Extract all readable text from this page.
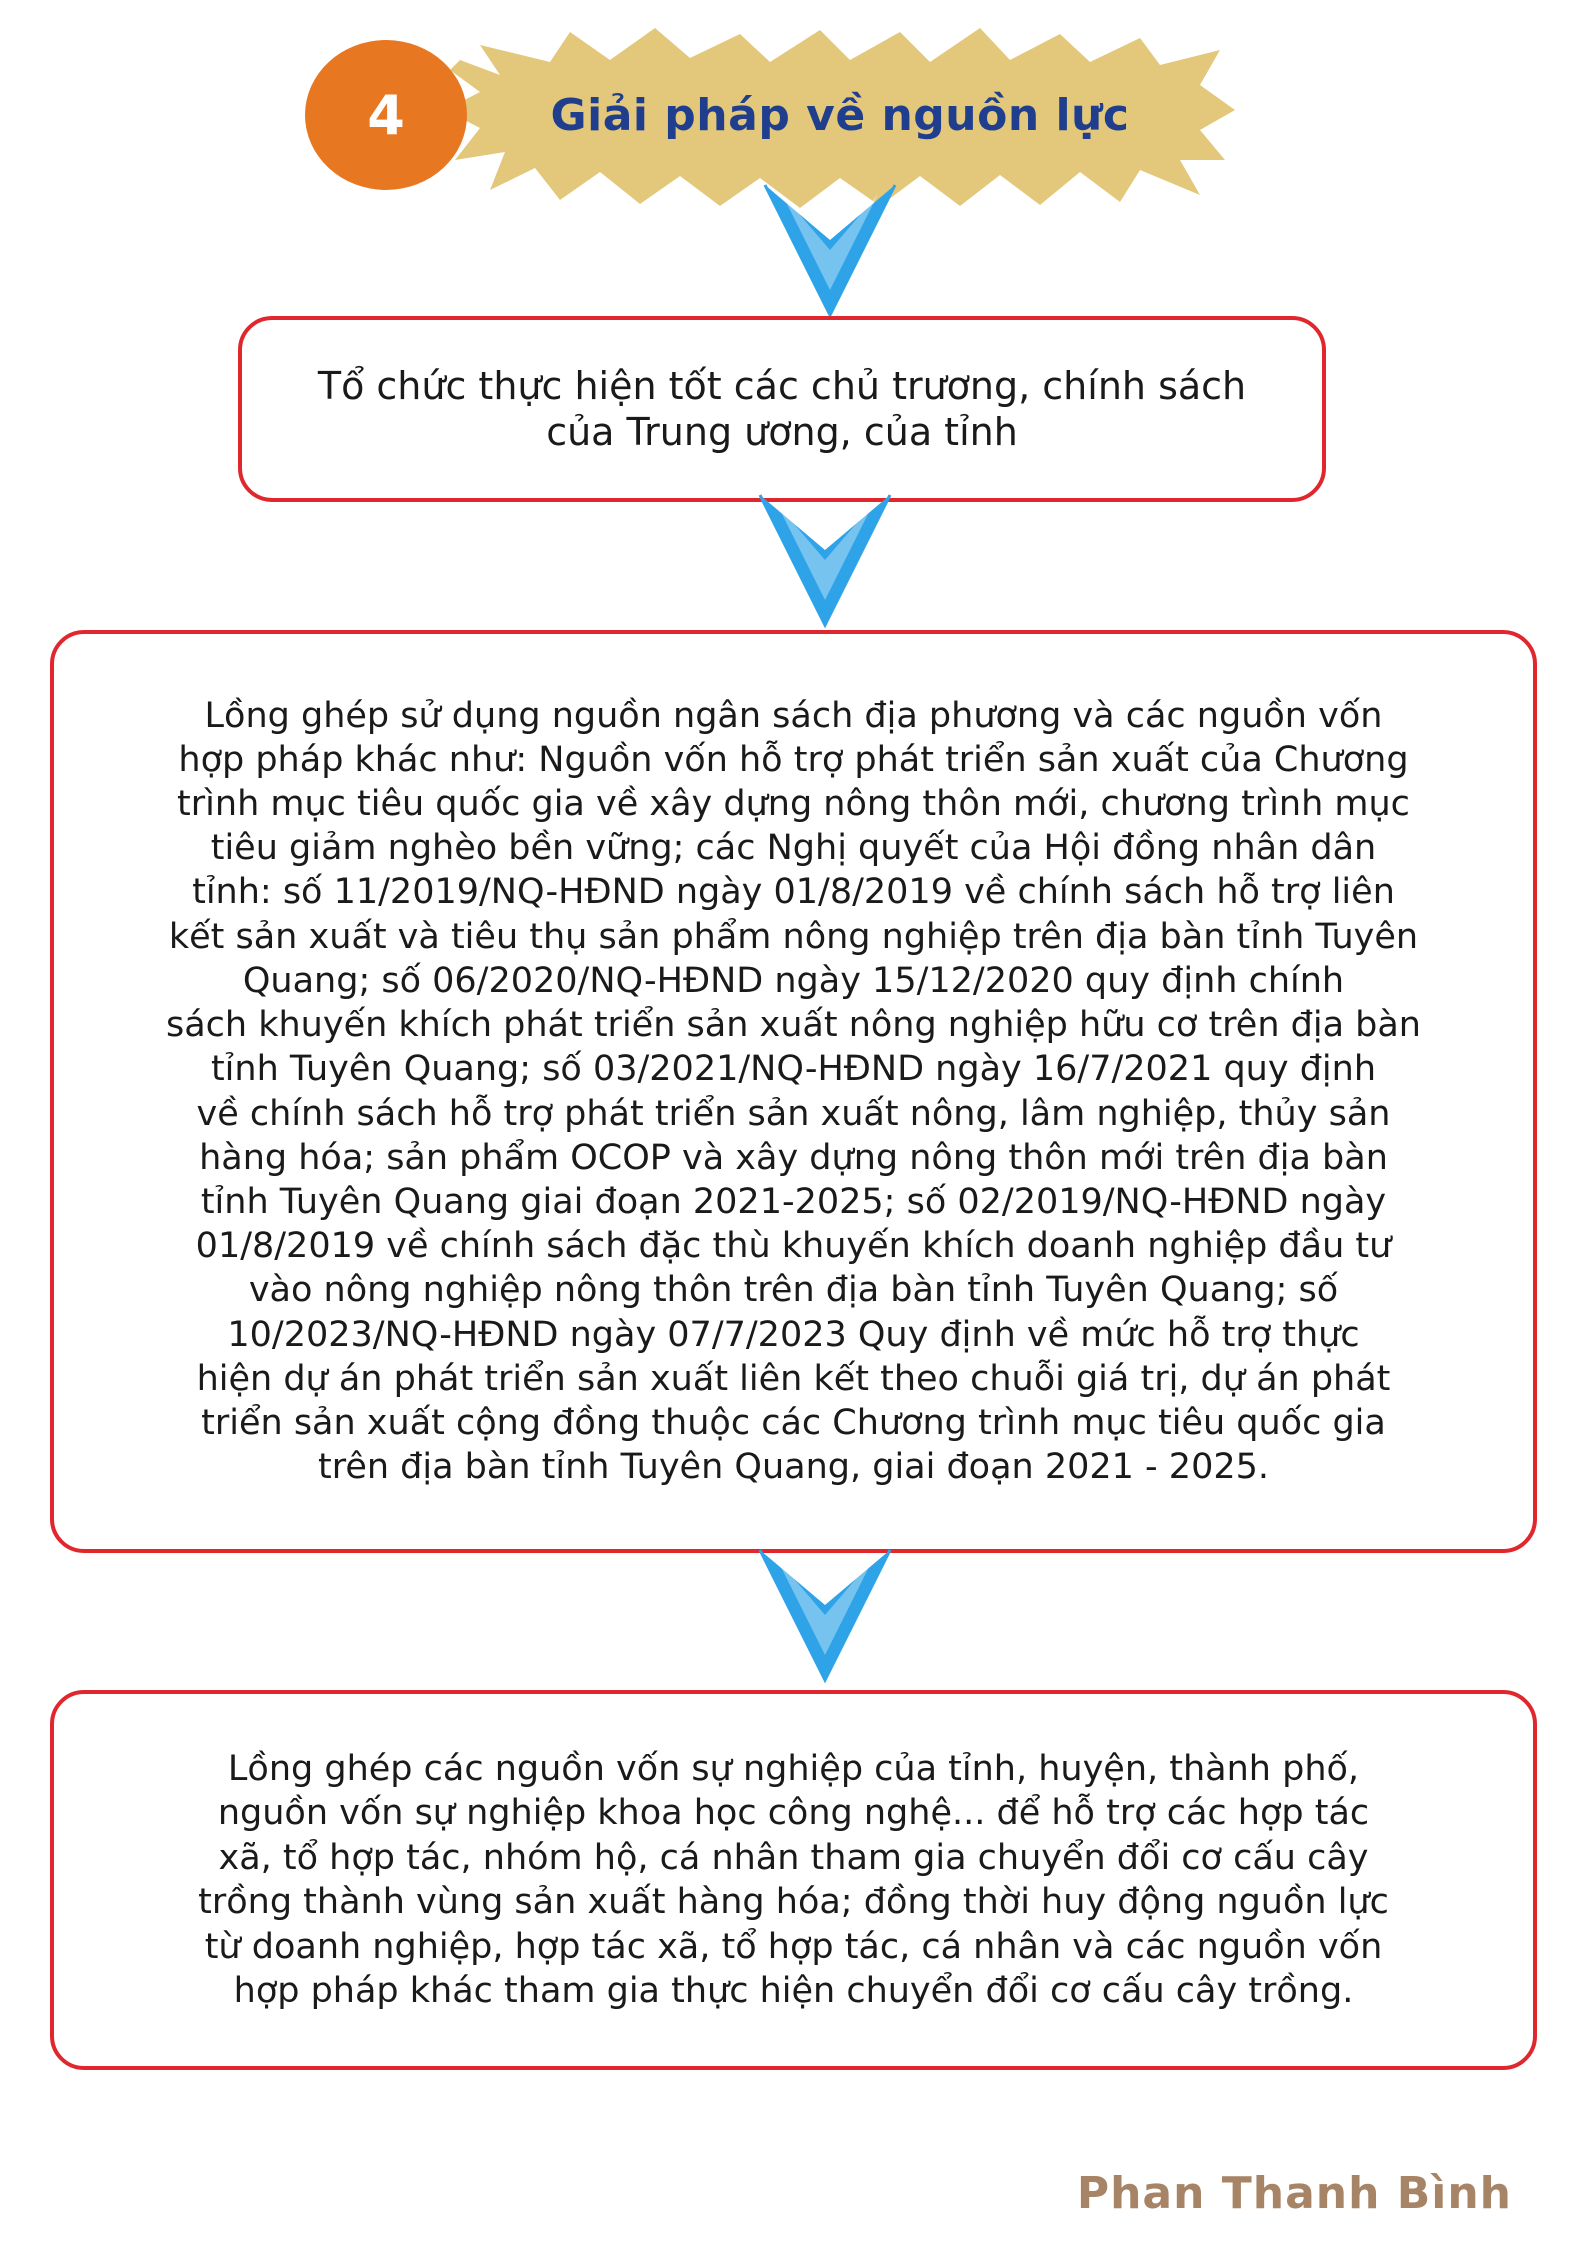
4	Giải pháp về nguồn lực

Tổ chức thực hiện tốt các chủ trương, chính sách
của Trung ương, của tỉnh

Lồng ghép sử dụng nguồn ngân sách địa phương và các nguồn vốn
hợp pháp khác như: Nguồn vốn hỗ trợ phát triển sản xuất của Chương
trình mục tiêu quốc gia về xây dựng nông thôn mới, chương trình mục
tiêu giảm nghèo bền vững; các Nghị quyết của Hội đồng nhân dân
tỉnh: số 11/2019/NQ-HĐND ngày 01/8/2019 về chính sách hỗ trợ liên
kết sản xuất và tiêu thụ sản phẩm nông nghiệp trên địa bàn tỉnh Tuyên
Quang; số 06/2020/NQ-HĐND ngày 15/12/2020 quy định chính
sách khuyến khích phát triển sản xuất nông nghiệp hữu cơ trên địa bàn
tỉnh Tuyên Quang; số 03/2021/NQ-HĐND ngày 16/7/2021 quy định
về chính sách hỗ trợ phát triển sản xuất nông, lâm nghiệp, thủy sản
hàng hóa; sản phẩm OCOP và xây dựng nông thôn mới trên địa bàn
tỉnh Tuyên Quang giai đoạn 2021-2025; số 02/2019/NQ-HĐND ngày
01/8/2019 về chính sách đặc thù khuyến khích doanh nghiệp đầu tư
vào nông nghiệp nông thôn trên địa bàn tỉnh Tuyên Quang; số
10/2023/NQ-HĐND ngày 07/7/2023 Quy định về mức hỗ trợ thực
hiện dự án phát triển sản xuất liên kết theo chuỗi giá trị, dự án phát
triển sản xuất cộng đồng thuộc các Chương trình mục tiêu quốc gia
trên địa bàn tỉnh Tuyên Quang, giai đoạn 2021 - 2025.

Lồng ghép các nguồn vốn sự nghiệp của tỉnh, huyện, thành phố,
nguồn vốn sự nghiệp khoa học công nghệ... để hỗ trợ các hợp tác
xã, tổ hợp tác, nhóm hộ, cá nhân tham gia chuyển đổi cơ cấu cây
trồng thành vùng sản xuất hàng hóa; đồng thời huy động nguồn lực
từ doanh nghiệp, hợp tác xã, tổ hợp tác, cá nhân và các nguồn vốn
hợp pháp khác tham gia thực hiện chuyển đổi cơ cấu cây trồng.

Phan Thanh Bình
